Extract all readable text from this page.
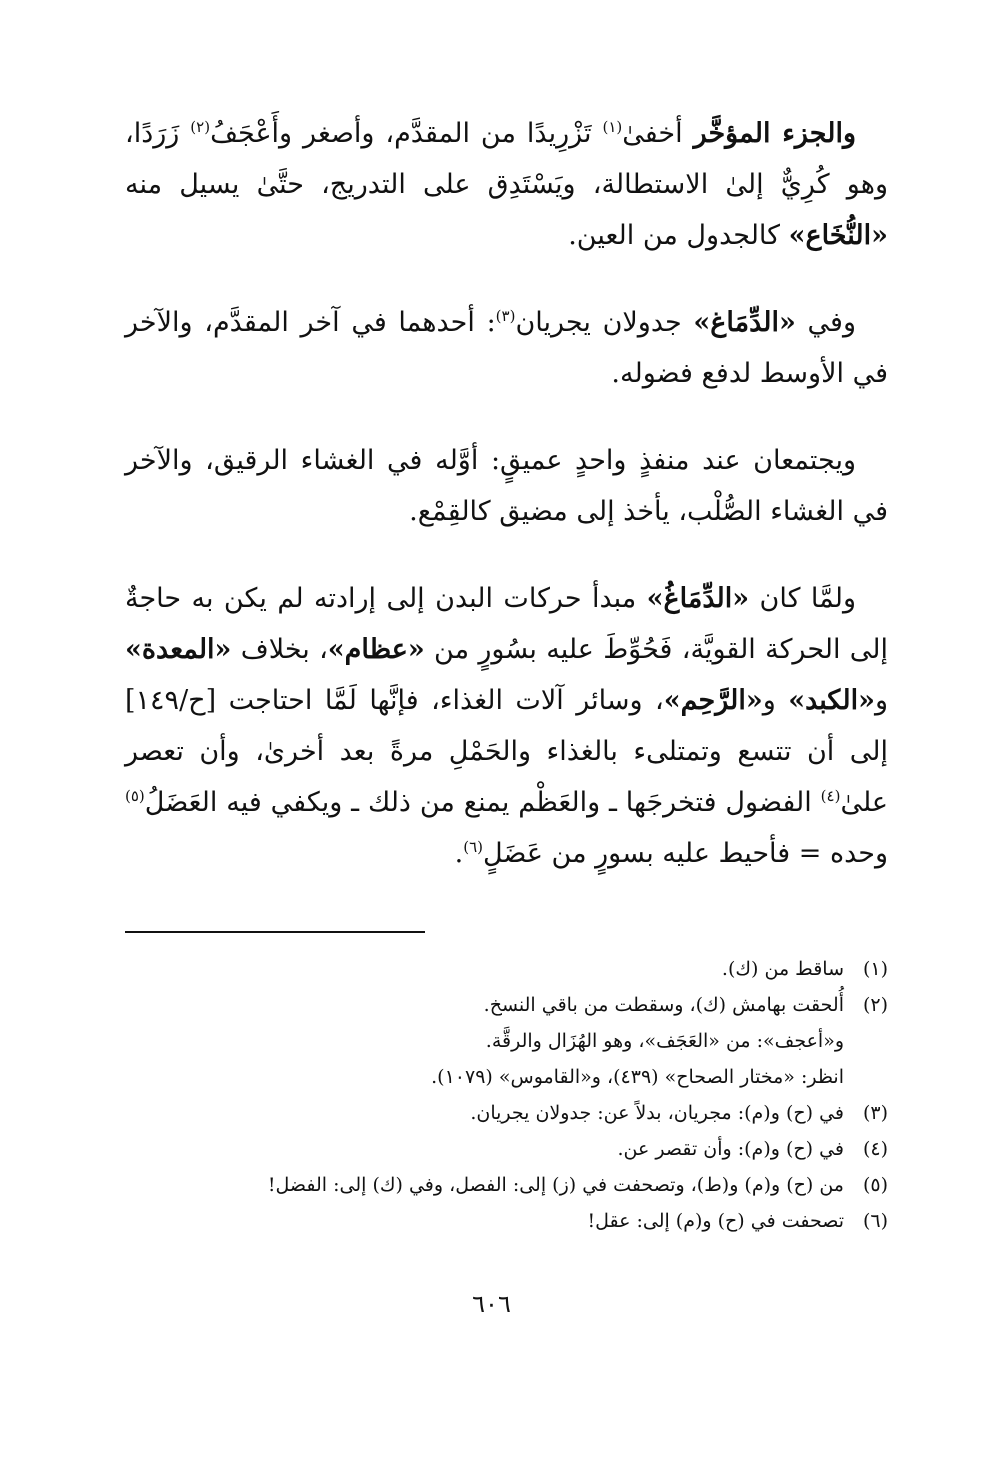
والجزء المؤخَّر أخفىٰ$^{(١)}$ تَزْرِيدًا من المقدَّم، وأصغر وأَعْجَفُ$^{(٢)}$ زَرَدًا، وهو كُرِيٌّ إلىٰ الاستطالة، ويَسْتَدِق على التدريج، حتَّىٰ يسيل منه «النُّخَاع» كالجدول من العين.

وفي «الدِّمَاغ» جدولان يجريان$^{(٣)}$: أحدهما في آخر المقدَّم، والآخر في الأوسط لدفع فضوله.

ويجتمعان عند منفذٍ واحدٍ عميقٍ: أوَّله في الغشاء الرقيق، والآخر في الغشاء الصُّلْب، يأخذ إلى مضيق كالقِمْع.

ولمَّا كان «الدِّمَاغُ» مبدأ حركات البدن إلى إرادته لم يكن به حاجةٌ إلى الحركة القويَّة، فَحُوِّطَ عليه بسُورٍ من «عظام»، بخلاف «المعدة» و«الكبد» و«الرَّحِم»، وسائر آلات الغذاء، فإنَّها لَمَّا احتاجت [ح/١٤٩] إلى أن تتسع وتمتلىء بالغذاء والحَمْلِ مرةً بعد أخرىٰ، وأن تعصر علىٰ$^{(٤)}$ الفضول فتخرجَها ـ والعَظْم يمنع من ذلك ـ ويكفي فيه العَضَلُ$^{(٥)}$ وحده = فأحيط عليه بسورٍ من عَضَلٍ$^{(٦)}$.

(١)
ساقط من (ك).
(٢)
أُلحقت بهامش (ك)، وسقطت من باقي النسخ.
و«أعجف»: من «العَجَف»، وهو الهُزَال والرقَّة.
انظر: «مختار الصحاح» (٤٣٩)، و«القاموس» (١٠٧٩).
(٣)
في (ح) و(م): مجريان، بدلاً عن: جدولان يجريان.
(٤)
في (ح) و(م): وأن تقصر عن.
(٥)
من (ح) و(م) و(ط)، وتصحفت في (ز) إلى: الفصل، وفي (ك) إلى: الفضل!
(٦)
تصحفت في (ح) و(م) إلى: عقل!
٦٠٦
